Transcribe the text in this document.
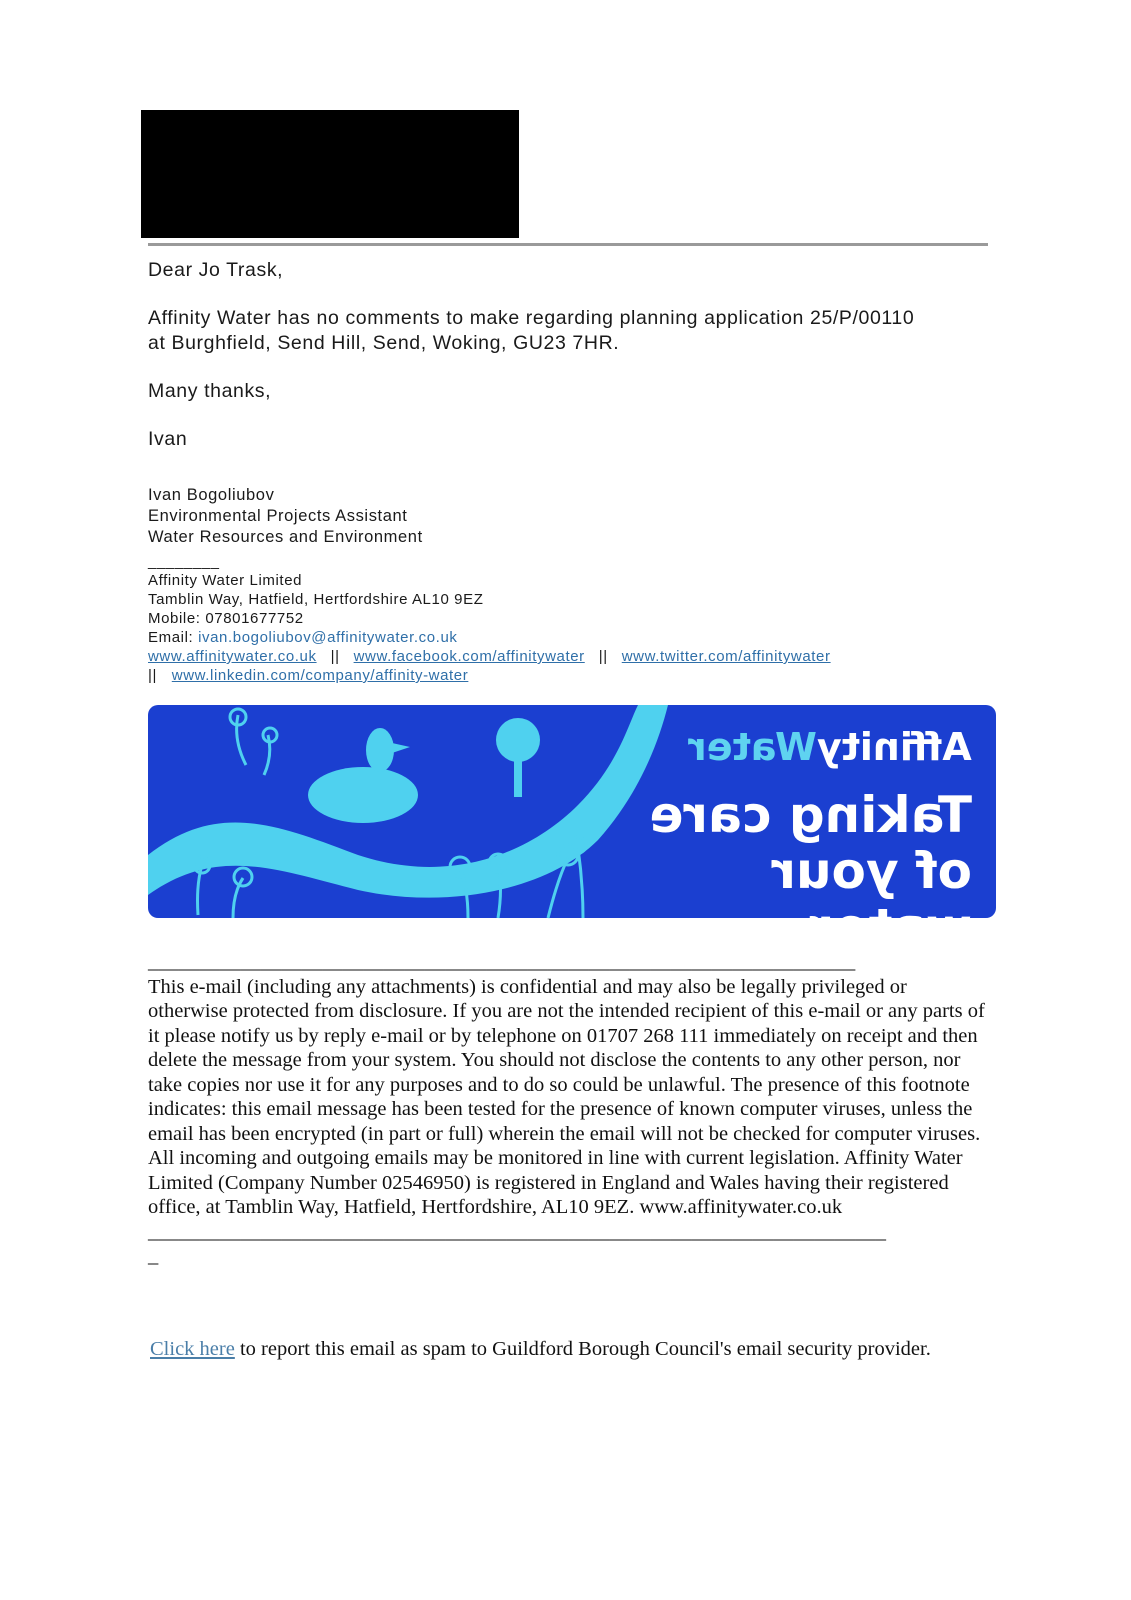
Dear Jo Trask,
Affinity Water has no comments to make regarding planning application 25/P/00110
at Burghfield, Send Hill, Send, Woking, GU23 7HR.
Many thanks,
Ivan
Ivan Bogoliubov
Environmental Projects Assistant
Water Resources and Environment
________
Affinity Water Limited
Tamblin Way, Hatfield, Hertfordshire AL10 9EZ
Mobile: 07801677752
Email: ivan.bogoliubov@affinitywater.co.uk
www.affinitywater.co.uk || www.facebook.com/affinitywater || www.twitter.com/affinitywater
|| www.linkedin.com/company/affinity-water
AffinityWater
Taking care
of your water
_____________________________________________________________________
This e-mail (including any attachments) is confidential and may also be legally privileged or otherwise protected from disclosure. If you are not the intended recipient of this e-mail or any parts of it please notify us by reply e-mail or by telephone on 01707 268 111 immediately on receipt and then delete the message from your system. You should not disclose the contents to any other person, nor take copies nor use it for any purposes and to do so could be unlawful. The presence of this footnote indicates: this email message has been tested for the presence of known computer viruses, unless the email has been encrypted (in part or full) wherein the email will not be checked for computer viruses. All incoming and outgoing emails may be monitored in line with current legislation. Affinity Water Limited (Company Number 02546950) is registered in England and Wales having their registered office, at Tamblin Way, Hatfield, Hertfordshire, AL10 9EZ. www.affinitywater.co.uk
________________________________________________________________________
_
Click here to report this email as spam to Guildford Borough Council's email security provider.
